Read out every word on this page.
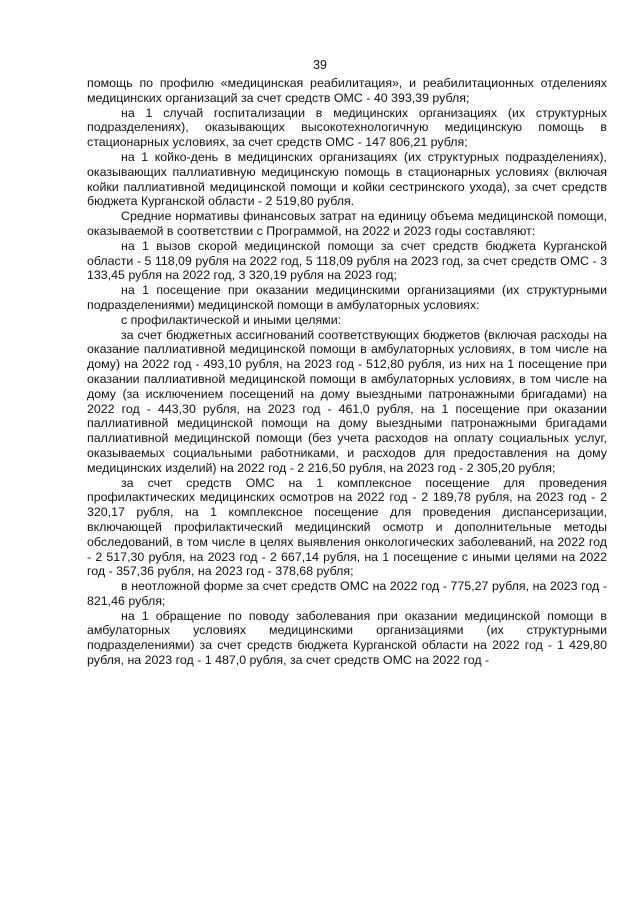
39

помощь по профилю «медицинская реабилитация», и реабилитационных отделениях медицинских организаций за счет средств ОМС - 40 393,39 рубля;

на 1 случай госпитализации в медицинских организациях (их структурных подразделениях), оказывающих высокотехнологичную медицинскую помощь в стационарных условиях, за счет средств ОМС - 147 806,21 рубля;

на 1 койко-день в медицинских организациях (их структурных подразделениях), оказывающих паллиативную медицинскую помощь в стационарных условиях (включая койки паллиативной медицинской помощи и койки сестринского ухода), за счет средств бюджета Курганской области - 2 519,80 рубля.

Средние нормативы финансовых затрат на единицу объема медицинской помощи, оказываемой в соответствии с Программой, на 2022 и 2023 годы составляют:

на 1 вызов скорой медицинской помощи за счет средств бюджета Курганской области - 5 118,09 рубля на 2022 год, 5 118,09 рубля на 2023 год, за счет средств ОМС - 3 133,45 рубля на 2022 год, 3 320,19 рубля на 2023 год;

на 1 посещение при оказании медицинскими организациями (их структурными подразделениями) медицинской помощи в амбулаторных условиях:

с профилактической и иными целями:

за счет бюджетных ассигнований соответствующих бюджетов (включая расходы на оказание паллиативной медицинской помощи в амбулаторных условиях, в том числе на дому) на 2022 год - 493,10 рубля, на 2023 год - 512,80 рубля, из них на 1 посещение при оказании паллиативной медицинской помощи в амбулаторных условиях, в том числе на дому (за исключением посещений на дому выездными патронажными бригадами) на 2022 год - 443,30 рубля, на 2023 год - 461,0 рубля, на 1 посещение при оказании паллиативной медицинской помощи на дому выездными патронажными бригадами паллиативной медицинской помощи (без учета расходов на оплату социальных услуг, оказываемых социальными работниками, и расходов для предоставления на дому медицинских изделий) на 2022 год - 2 216,50 рубля, на 2023 год - 2 305,20 рубля;

за счет средств ОМС на 1 комплексное посещение для проведения профилактических медицинских осмотров на 2022 год - 2 189,78 рубля, на 2023 год - 2 320,17 рубля, на 1 комплексное посещение для проведения диспансеризации, включающей профилактический медицинский осмотр и дополнительные методы обследований, в том числе в целях выявления онкологических заболеваний, на 2022 год - 2 517,30 рубля, на 2023 год - 2 667,14 рубля, на 1 посещение с иными целями на 2022 год - 357,36 рубля, на 2023 год - 378,68 рубля;

в неотложной форме за счет средств ОМС на 2022 год - 775,27 рубля, на 2023 год - 821,46 рубля;

на 1 обращение по поводу заболевания при оказании медицинской помощи в амбулаторных условиях медицинскими организациями (их структурными подразделениями) за счет средств бюджета Курганской области на 2022 год - 1 429,80 рубля, на 2023 год - 1 487,0 рубля, за счет средств ОМС на 2022 год -
